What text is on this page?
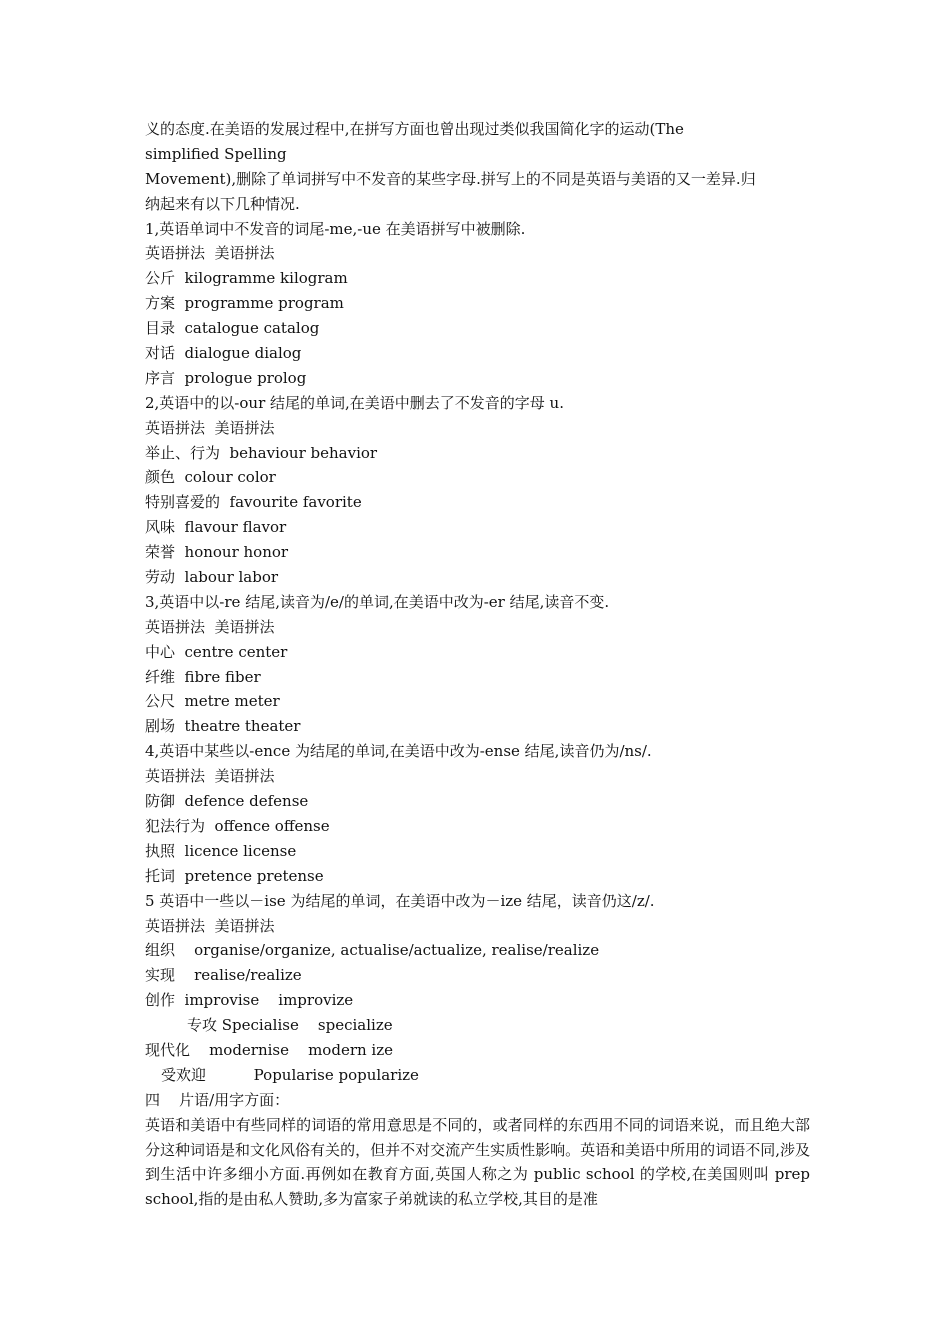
义的态度.在美语的发展过程中,在拼写方面也曾出现过类似我国简化字的运动(The
simplified Spelling
Movement),删除了单词拼写中不发音的某些字母.拼写上的不同是英语与美语的又一差异.归
纳起来有以下几种情况.
1,英语单词中不发音的词尾-me,-ue 在美语拼写中被删除.
英语拼法  美语拼法
公斤  kilogramme kilogram
方案  programme program
目录  catalogue catalog
对话  dialogue dialog
序言  prologue prolog
2,英语中的以-our 结尾的单词,在美语中删去了不发音的字母 u.
英语拼法  美语拼法
举止、行为  behaviour behavior
颜色  colour color
特别喜爱的  favourite favorite
风味  flavour flavor
荣誉  honour honor
劳动  labour labor
3,英语中以-re 结尾,读音为/e/的单词,在美语中改为-er 结尾,读音不变.
英语拼法  美语拼法
中心  centre center
纤维  fibre fiber
公尺  metre meter
剧场  theatre theater
4,英语中某些以-ence 为结尾的单词,在美语中改为-ense 结尾,读音仍为/ns/.
英语拼法  美语拼法
防御  defence defense
犯法行为  offence offense
执照  licence license
托词  pretence pretense
5 英语中一些以－ise 为结尾的单词，在美语中改为－ize 结尾，读音仍这/z/.
英语拼法  美语拼法
组织    organise/organize, actualise/actualize, realise/realize
实现    realise/realize
创作  improvise    improvize
专攻 Specialise    specialize
现代化    modernise    modern ize
受欢迎          Popularise popularize
四    片语/用字方面：
英语和美语中有些同样的词语的常用意思是不同的，或者同样的东西用不同的词语来说，而且绝大部分这种词语是和文化风俗有关的，但并不对交流产生实质性影响。英语和美语中所用的词语不同,涉及到生活中许多细小方面.再例如在教育方面,英国人称之为 public school 的学校,在美国则叫 prep school,指的是由私人赞助,多为富家子弟就读的私立学校,其目的是准
